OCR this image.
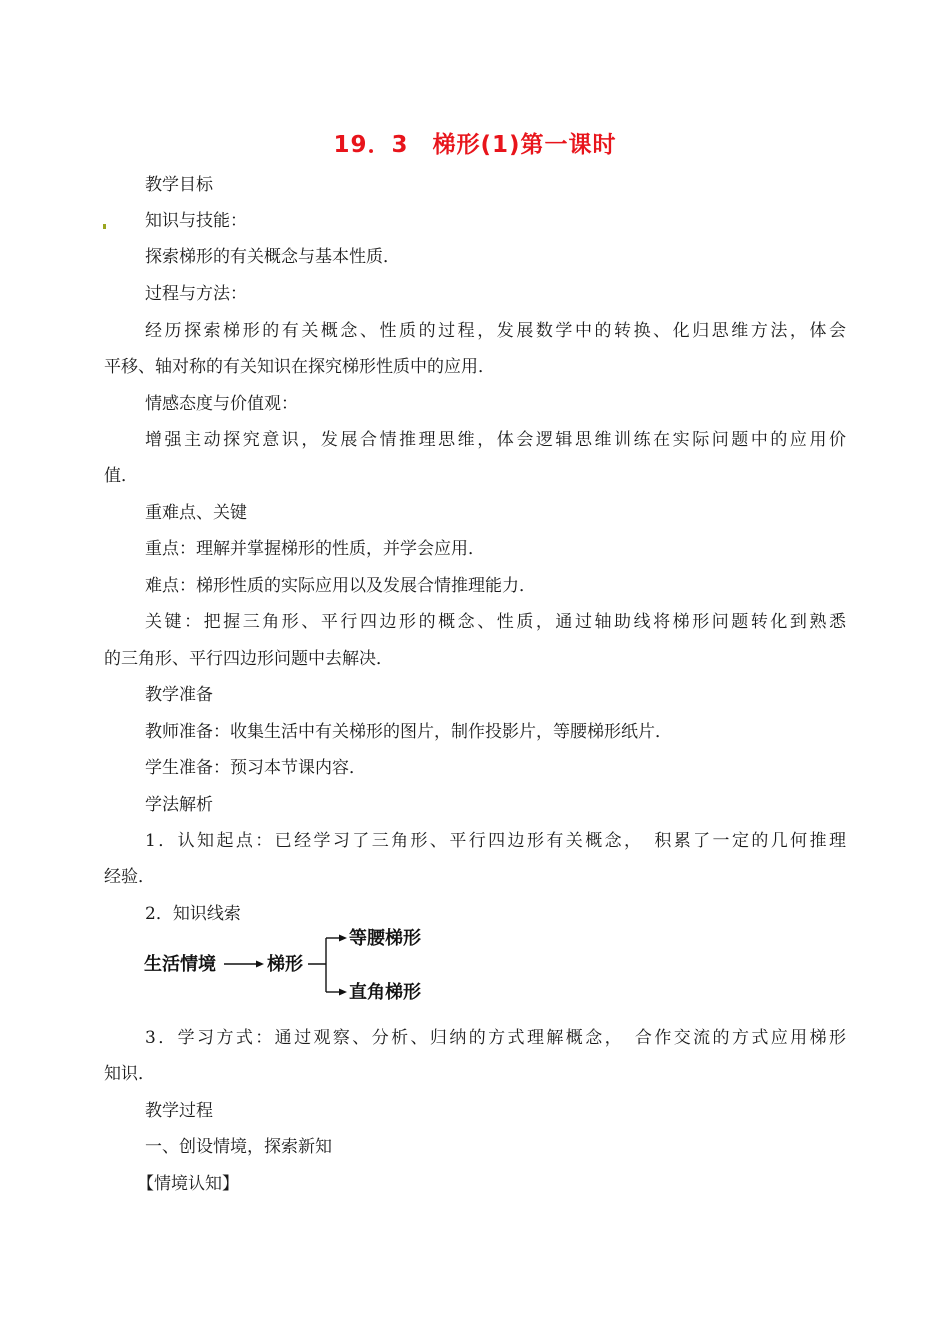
19．3　梯形(1)第一课时
教学目标
知识与技能：
探索梯形的有关概念与基本性质．
过程与方法：
经历探索梯形的有关概念、性质的过程，发展数学中的转换、化归思维方法，体会
平移、轴对称的有关知识在探究梯形性质中的应用．
情感态度与价值观：
增强主动探究意识，发展合情推理思维，体会逻辑思维训练在实际问题中的应用价
值．
重难点、关键
重点：理解并掌握梯形的性质，并学会应用．
难点：梯形性质的实际应用以及发展合情推理能力．
关键：把握三角形、平行四边形的概念、性质，通过轴助线将梯形问题转化到熟悉
的三角形、平行四边形问题中去解决．
教学准备
教师准备：收集生活中有关梯形的图片，制作投影片，等腰梯形纸片．
学生准备：预习本节课内容．
学法解析
1．认知起点：已经学习了三角形、平行四边形有关概念，　积累了一定的几何推理
经验．
2．知识线索
生活情境	梯形
等腰梯形
直角梯形
3．学习方式：通过观察、分析、归纳的方式理解概念，　合作交流的方式应用梯形
知识．
教学过程
一、创设情境，探索新知
【情境认知】
